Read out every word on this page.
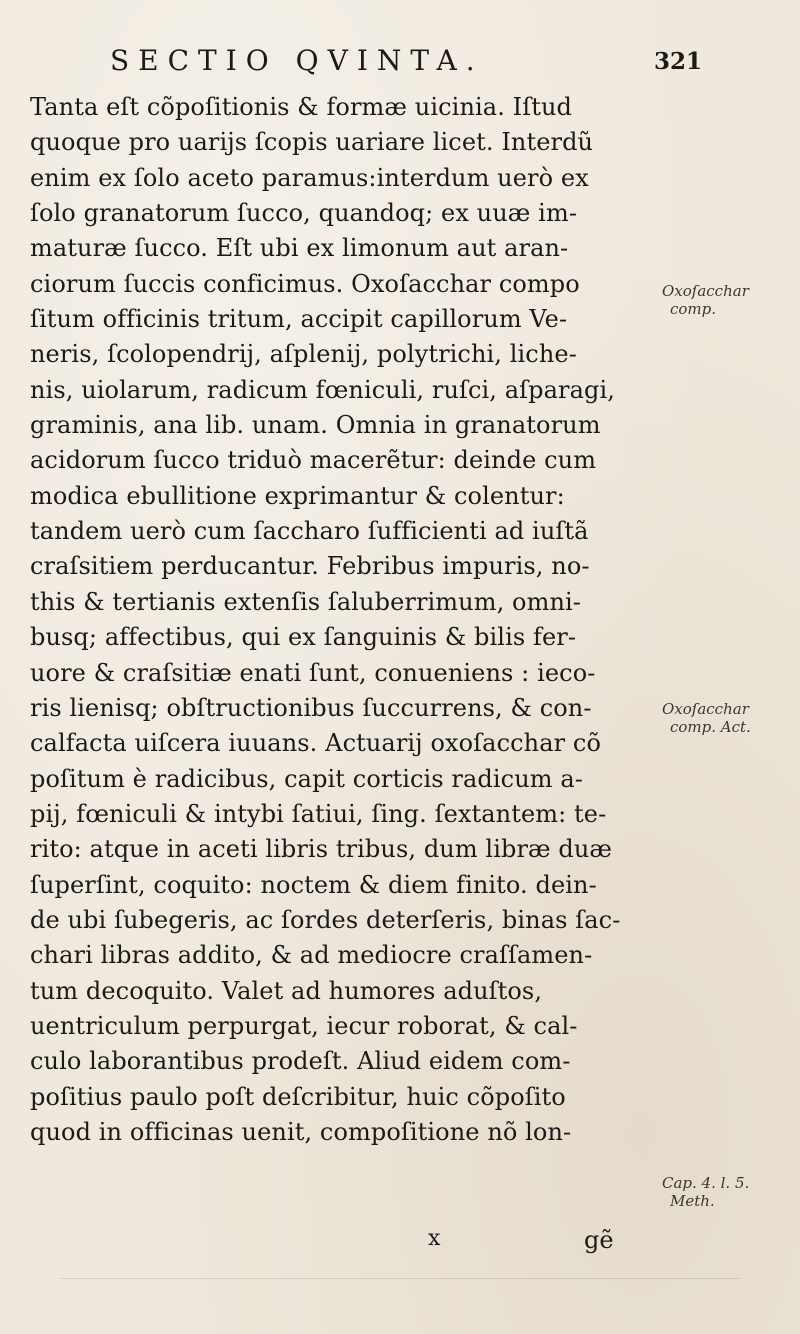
SECTIO QVINTA.	321
Tanta eſt cõpoſitionis & formæ uicinia. Iſtud
quoque pro uarijs ſcopis uariare licet. Interdũ
enim ex ſolo aceto paramus:interdum uerò ex
ſolo granatorum ſucco, quandoq; ex uuæ im-
maturæ ſucco. Eſt ubi ex limonum aut aran-
ciorum ſuccis conficimus. Oxoſacchar compo
ſitum officinis tritum, accipit capillorum Ve-
neris, ſcolopendrij, aſplenij, polytrichi, liche-
nis, uiolarum, radicum fœniculi, ruſci, aſparagi,
graminis, ana lib. unam. Omnia in granatorum
acidorum ſucco triduò macerẽtur: deinde cum
modica ebullitione exprimantur & colentur:
tandem uerò cum ſaccharo ſufficienti ad iuſtã
craſsitiem perducantur. Febribus impuris, no-
this & tertianis extenſis ſaluberrimum, omni-
busq; affectibus, qui ex ſanguinis & bilis fer-
uore & craſsitiæ enati ſunt, conueniens : ieco-
ris lienisq; obſtructionibus ſuccurrens, & con-
calfacta uiſcera iuuans. Actuarij oxoſacchar cõ
poſitum è radicibus, capit corticis radicum a-
pij, fœniculi & intybi ſatiui, ſing. ſextantem: te-
rito: atque in aceti libris tribus, dum libræ duæ
ſuperſint, coquito: noctem & diem finito. dein-
de ubi ſubegeris, ac ſordes deterſeris, binas ſac-
chari libras addito, & ad mediocre craſſamen-
tum decoquito. Valet ad humores aduſtos,
uentriculum perpurgat, iecur roborat, & cal-
culo laborantibus prodeſt. Aliud eidem com-
poſitius paulo poſt deſcribitur, huic cõpoſito
quod in officinas uenit, compoſitione nõ lon-
Oxoſacchar
comp.
Oxoſacchar
comp. Act.
Cap. 4. l. 5.
Meth.
x	gẽ
